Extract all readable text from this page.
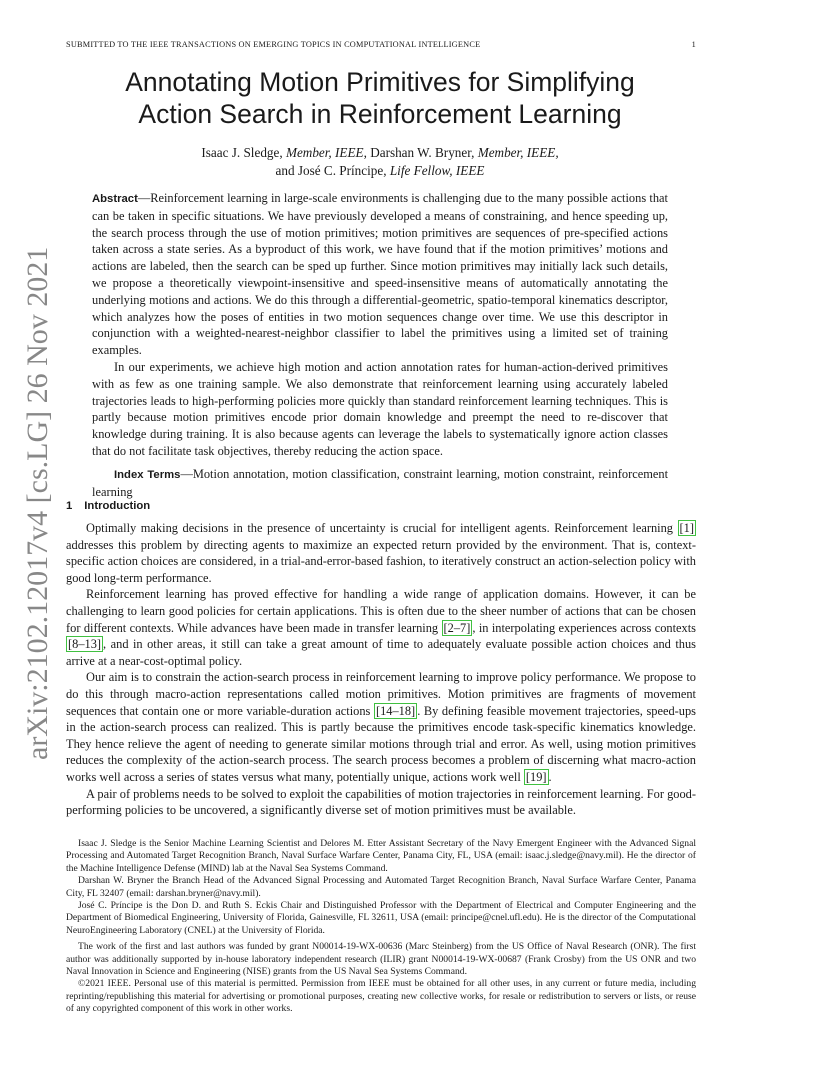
SUBMITTED TO THE IEEE TRANSACTIONS ON EMERGING TOPICS IN COMPUTATIONAL INTELLIGENCE	1
arXiv:2102.12017v4 [cs.LG] 26 Nov 2021
Annotating Motion Primitives for Simplifying
Action Search in Reinforcement Learning
Isaac J. Sledge, Member, IEEE, Darshan W. Bryner, Member, IEEE,
and José C. Príncipe, Life Fellow, IEEE

Abstract—Reinforcement learning in large-scale environments is challenging due to the many possible actions that can be taken in specific situations. We have previously developed a means of constraining, and hence speeding up, the search process through the use of motion primitives; motion primitives are sequences of pre-specified actions taken across a state series. As a byproduct of this work, we have found that if the motion primitives’ motions and actions are labeled, then the search can be sped up further. Since motion primitives may initially lack such details, we propose a theoretically viewpoint-insensitive and speed-insensitive means of automatically annotating the underlying motions and actions. We do this through a differential-geometric, spatio-temporal kinematics descriptor, which analyzes how the poses of entities in two motion sequences change over time. We use this descriptor in conjunction with a weighted-nearest-neighbor classifier to label the primitives using a limited set of training examples.

In our experiments, we achieve high motion and action annotation rates for human-action-derived primitives with as few as one training sample. We also demonstrate that reinforcement learning using accurately labeled trajectories leads to high-performing policies more quickly than standard reinforcement learning techniques. This is partly because motion primitives encode prior domain knowledge and preempt the need to re-discover that knowledge during training. It is also because agents can leverage the labels to systematically ignore action classes that do not facilitate task objectives, thereby reducing the action space.

Index Terms—Motion annotation, motion classification, constraint learning, motion constraint, reinforcement learning

1 Introduction

Optimally making decisions in the presence of uncertainty is crucial for intelligent agents. Reinforcement learning [1] addresses this problem by directing agents to maximize an expected return provided by the environment. That is, context-specific action choices are considered, in a trial-and-error-based fashion, to iteratively construct an action-selection policy with good long-term performance.

Reinforcement learning has proved effective for handling a wide range of application domains. However, it can be challenging to learn good policies for certain applications. This is often due to the sheer number of actions that can be chosen for different contexts. While advances have been made in transfer learning [2–7] , in interpolating experiences across contexts [8–13] , and in other areas, it still can take a great amount of time to adequately evaluate possible action choices and thus arrive at a near-cost-optimal policy.

Our aim is to constrain the action-search process in reinforcement learning to improve policy performance. We propose to do this through macro-action representations called motion primitives. Motion primitives are fragments of movement sequences that contain one or more variable-duration actions [14–18] . By defining feasible movement trajectories, speed-ups in the action-search process can realized. This is partly because the primitives encode task-specific kinematics knowledge. They hence relieve the agent of needing to generate similar motions through trial and error. As well, using motion primitives reduces the complexity of the action-search process. The search process becomes a problem of discerning what macro-action works well across a series of states versus what many, potentially unique, actions work well [19] .

A pair of problems needs to be solved to exploit the capabilities of motion trajectories in reinforcement learning. For good-performing policies to be uncovered, a significantly diverse set of motion primitives must be available.

Isaac J. Sledge is the Senior Machine Learning Scientist and Delores M. Etter Assistant Secretary of the Navy Emergent Engineer with the Advanced Signal Processing and Automated Target Recognition Branch, Naval Surface Warfare Center, Panama City, FL, USA (email: isaac.j.sledge@navy.mil). He the director of the Machine Intelligence Defense (MIND) lab at the Naval Sea Systems Command.

Darshan W. Bryner the Branch Head of the Advanced Signal Processing and Automated Target Recognition Branch, Naval Surface Warfare Center, Panama City, FL 32407 (email: darshan.bryner@navy.mil).

José C. Príncipe is the Don D. and Ruth S. Eckis Chair and Distinguished Professor with the Department of Electrical and Computer Engineering and the Department of Biomedical Engineering, University of Florida, Gainesville, FL 32611, USA (email: principe@cnel.ufl.edu). He is the director of the Computational NeuroEngineering Laboratory (CNEL) at the University of Florida.

The work of the first and last authors was funded by grant N00014-19-WX-00636 (Marc Steinberg) from the US Office of Naval Research (ONR). The first author was additionally supported by in-house laboratory independent research (ILIR) grant N00014-19-WX-00687 (Frank Crosby) from the US ONR and two Naval Innovation in Science and Engineering (NISE) grants from the US Naval Sea Systems Command.

©2021 IEEE. Personal use of this material is permitted. Permission from IEEE must be obtained for all other uses, in any current or future media, including reprinting/republishing this material for advertising or promotional purposes, creating new collective works, for resale or redistribution to servers or lists, or reuse of any copyrighted component of this work in other works.
